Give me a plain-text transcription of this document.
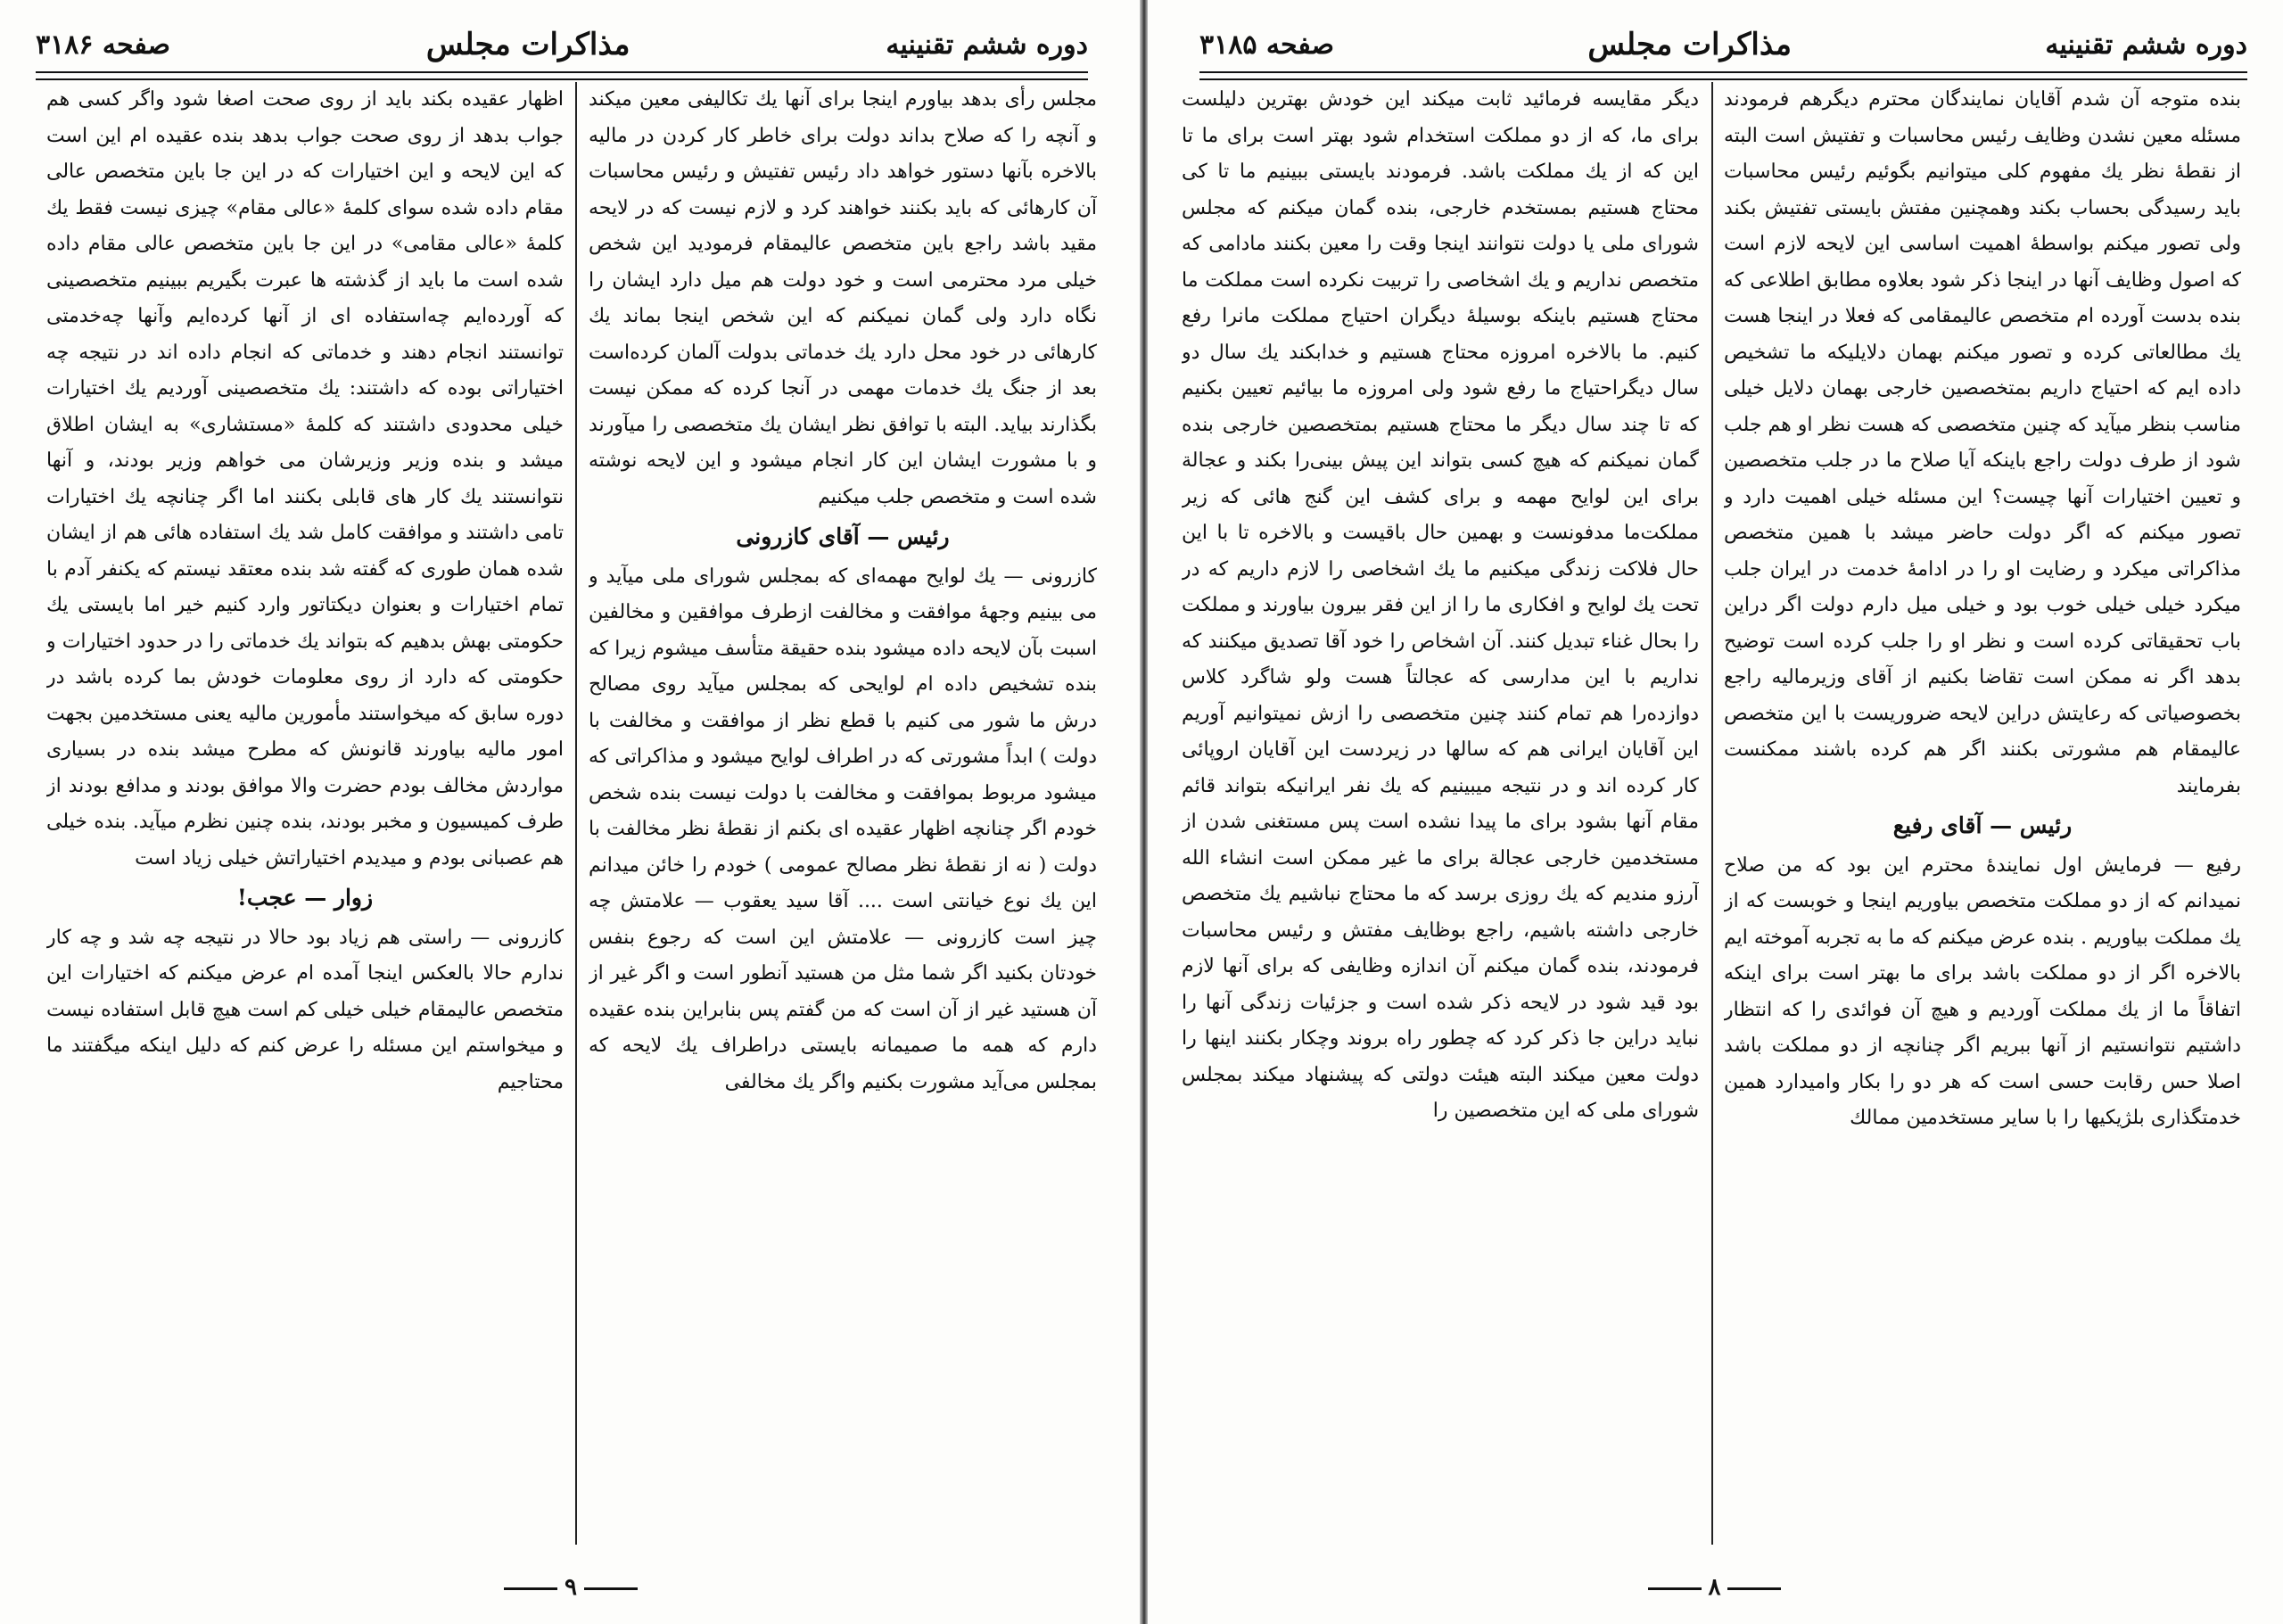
دوره ششم تقنینیه
مذاکرات مجلس
صفحه ۳۱۸۶

مجلس رأی بدهد بیاورم اینجا برای آنها یك تكالیفی معین میكند و آنچه را كه صلاح بداند دولت برای خاطر كار كردن در مالیه بالاخره بآنها دستور خواهد داد رئیس تفتیش و رئیس محاسبات آن كارهائی كه باید بكنند خواهند كرد و لازم نیست كه در لایحه مقید باشد راجع باین متخصص عالیمقام فرمودید این شخص خیلی مرد محترمی است و خود دولت هم میل دارد ایشان را نگاه دارد ولی گمان نمیكنم كه این شخص اینجا بماند یك كارهائی در خود محل دارد یك خدماتی بدولت آلمان كرده‌است بعد از جنگ یك خدمات مهمی در آنجا كرده كه ممكن نیست بگذارند بیاید. البته با توافق نظر ایشان یك متخصصی را میآورند و با مشورت ایشان این كار انجام میشود و این لایحه نوشته شده است و متخصص جلب میكنیم

رئیس — آقای كازرونی

كازرونی — یك لوایح مهمه‌ای كه بمجلس شورای ملی میآید و می بینیم وجههٔ موافقت و مخالفت ازطرف موافقین و مخالفین اسبت بآن لایحه داده میشود بنده حقیقة متأسف میشوم زیرا كه بنده تشخیص داده ام لوایحی كه بمجلس میآید روی مصالح درش ما شور می كنیم با قطع نظر از موافقت و مخالفت با دولت ) ابداً مشورتی كه در اطراف لوایح میشود و مذاكراتی كه میشود مربوط بموافقت و مخالفت با دولت نیست بنده شخص خودم اگر چنانچه اظهار عقیده ای بكنم از نقطهٔ نظر مخالفت با دولت ( نه از نقطهٔ نظر مصالح عمومی ) خودم را خائن میدانم این یك نوع خیانتی است .... آقا سید یعقوب — علامتش چه چیز است كازرونی — علامتش این است كه رجوع بنفس خودتان بكنید اگر شما مثل من هستید آنطور است و اگر غیر از آن هستید غیر از آن است كه من گفتم پس بنابراین بنده عقیده دارم كه همه ما صمیمانه بایستی دراطراف یك لایحه كه بمجلس می‌آید مشورت بكنیم واگر یك مخالفی

اظهار عقیده بكند باید از روی صحت اصغا شود واگر كسی هم جواب بدهد از روی صحت جواب بدهد بنده عقیده ام این است كه این لایحه و این اختیارات كه در این جا باین متخصص عالی مقام داده شده سوای كلمهٔ «عالی مقام» چیزی نیست فقط یك كلمهٔ «عالی مقامی» در این جا باین متخصص عالی مقام داده شده است ما باید از گذشته ها عبرت بگیریم ببینیم متخصصینی كه آورده‌ایم چه‌استفاده ای از آنها كرده‌ایم وآنها چه‌خدمتی توانستند انجام دهند و خدماتی كه انجام داده اند در نتیجه چه اختیاراتی بوده كه داشتند: یك متخصصینی آوردیم یك اختیارات خیلی محدودی داشتند كه كلمهٔ «مستشاری» به ایشان اطلاق میشد و بنده وزیر وزیرشان می خواهم وزیر بودند، و آنها نتوانستند یك كار های قابلی بكنند اما اگر چنانچه یك اختیارات تامی داشتند و موافقت كامل شد یك استفاده هائی هم از ایشان شده همان طوری كه گفته شد بنده معتقد نیستم كه یكنفر آدم با تمام اختیارات و بعنوان دیكتاتور وارد كنیم خیر اما بایستی یك حكومتی بهش بدهیم كه بتواند یك خدماتی را در حدود اختیارات و حكومتی كه دارد از روی معلومات خودش بما كرده باشد در دوره سابق كه میخواستند مأمورین مالیه یعنی مستخدمین بجهت امور مالیه بیاورند قانونش كه مطرح میشد بنده در بسیاری مواردش مخالف بودم حضرت والا موافق بودند و مدافع بودند از طرف كمیسیون و مخبر بودند، بنده چنین نظرم میآید. بنده خیلی هم عصبانی بودم و میدیدم اختیاراتش خیلی زیاد است

زوار — عجب!

كازرونی — راستی هم زیاد بود حالا در نتیجه چه شد و چه كار ندارم حالا بالعكس اینجا آمده ام عرض میكنم كه اختیارات این متخصص عالیمقام خیلی خیلی كم است هیچ قابل استفاده نیست و میخواستم این مسئله را عرض كنم كه دلیل اینكه میگفتند ما محتاجیم

۹
دوره ششم تقنینیه
مذاکرات مجلس
صفحه ۳۱۸۵

بنده متوجه آن شدم آقایان نمایندگان محترم دیگرهم فرمودند مسئله معین نشدن وظایف رئیس محاسبات و تفتیش است البته از نقطهٔ نظر یك مفهوم كلی میتوانیم بگوئیم رئیس محاسبات باید رسیدگی بحساب بكند وهمچنین مفتش بایستی تفتیش بكند ولی تصور میكنم بواسطهٔ اهمیت اساسی این لایحه لازم است كه اصول وظایف آنها در اینجا ذكر شود بعلاوه مطابق اطلاعی كه بنده بدست آورده ام متخصص عالیمقامی كه فعلا در اینجا هست یك مطالعاتی كرده و تصور میكنم بهمان دلایلیكه ما تشخیص داده ایم كه احتیاج داریم بمتخصصین خارجی بهمان دلایل خیلی مناسب بنظر میآید كه چنین متخصصی كه هست نظر او هم جلب شود از طرف دولت راجع باینكه آیا صلاح ما در جلب متخصصین و تعیین اختیارات آنها چیست؟ این مسئله خیلی اهمیت دارد و تصور میكنم كه اگر دولت حاضر میشد با همین متخصص مذاكراتی میكرد و رضایت او را در ادامهٔ خدمت در ایران جلب میكرد خیلی خیلی خوب بود و خیلی میل دارم دولت اگر دراین باب تحقیقاتی كرده است و نظر او را جلب كرده است توضیح بدهد اگر نه ممكن است تقاضا بكنیم از آقای وزیرمالیه راجع بخصوصیاتی كه رعایتش دراین لایحه ضروریست با این متخصص عالیمقام هم مشورتی بكنند اگر هم كرده باشند ممكنست بفرمایند

رئیس — آقای رفیع

رفیع — فرمایش اول نمایندهٔ محترم این بود كه من صلاح نمیدانم كه از دو مملكت متخصص بیاوریم اینجا و خوبست كه از یك مملكت بیاوریم . بنده عرض میكنم كه ما به تجربه آموخته ایم بالاخره اگر از دو مملكت باشد برای ما بهتر است برای اینكه اتفاقاً ما از یك مملكت آوردیم و هیچ آن فوائدی را كه انتظار داشتیم نتوانستیم از آنها ببریم اگر چنانچه از دو مملكت باشد اصلا حس رقابت حسی است كه هر دو را بكار وامیدارد همین خدمتگذاری بلژیكیها را با سایر مستخدمین ممالك

دیگر مقایسه فرمائید ثابت میكند این خودش بهترین دلیلست برای ما، كه از دو مملكت استخدام شود بهتر است برای ما تا این كه از یك مملكت باشد. فرمودند بایستی ببینیم ما تا كی محتاج هستیم بمستخدم خارجی، بنده گمان میكنم كه مجلس شورای ملی یا دولت نتوانند اینجا وقت را معین بكنند مادامی كه متخصص نداریم و یك اشخاصی را تربیت نكرده است مملكت ما محتاج هستیم باینكه بوسیلهٔ دیگران احتیاج مملكت مانرا رفع كنیم. ما بالاخره امروزه محتاج هستیم و خدابكند یك سال دو سال دیگراحتیاج ما رفع شود ولی امروزه ما بیائیم تعیین بكنیم كه تا چند سال دیگر ما محتاج هستیم بمتخصصین خارجی بنده گمان نمیكنم كه هیچ كسی بتواند این پیش بینی‌را بكند و عجالة برای این لوایح مهمه و برای كشف این گنج هائی كه زیر مملكت‌ما مدفونست و بهمین حال باقیست و بالاخره تا با این حال فلاكت زندگی میكنیم ما یك اشخاصی را لازم داریم كه در تحت یك لوایح و افكاری ما را از این فقر بیرون بیاورند و مملكت را بحال غناء تبدیل كنند. آن اشخاص را خود آقا تصدیق میكنند كه نداریم با این مدارسی كه عجالتاً هست ولو شاگرد كلاس دوازده‌را هم تمام كنند چنین متخصصی را ازش نمیتوانیم آوریم این آقایان ایرانی هم كه سالها در زیردست این آقایان اروپائی كار كرده اند و در نتیجه میبینیم كه یك نفر ایرانیكه بتواند قائم مقام آنها بشود برای ما پیدا نشده است پس مستغنی شدن از مستخدمین خارجی عجالة برای ما غیر ممكن است انشاء الله آرزو مندیم كه یك روزی برسد كه ما محتاج نباشیم یك متخصص خارجی داشته باشیم، راجع بوظایف مفتش و رئیس محاسبات فرمودند، بنده گمان میكنم آن اندازه وظایفی كه برای آنها لازم بود قید شود در لایحه ذكر شده است و جزئیات زندگی آنها را نباید دراین جا ذكر كرد كه چطور راه بروند وچكار بكنند اینها را دولت معین میكند البته هیئت دولتی كه پیشنهاد میكند بمجلس شورای ملی كه این متخصصین را

۸
